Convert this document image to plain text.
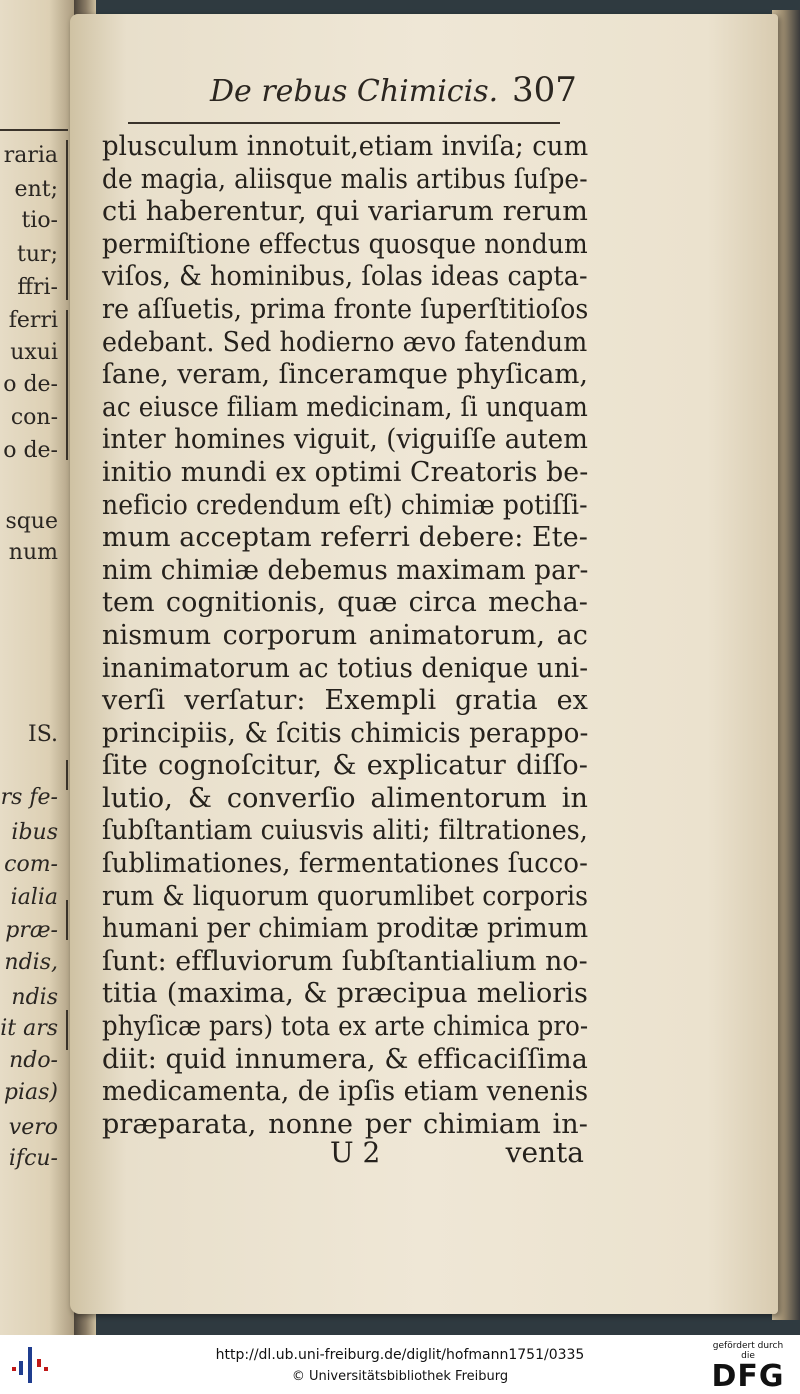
raria
ent;
tio-
tur;
ffri-
ferri
uxui
o de-
con-
o de-
sque
num
IS.
rs fe-
ibus
com-
ialia
præ-
ndis,
ndis
it ars
ndo-
pias)
vero
ifcu-
De rebus Chimicis. 307
plusculum innotuit,etiam inviſa; cum
de magia, aliisque malis artibus ſuſpe-
cti haberentur, qui variarum rerum
permiſtione effectus quosque nondum
viſos, & hominibus, ſolas ideas capta-
re aſſuetis, prima fronte ſuperſtitioſos
edebant. Sed hodierno ævo fatendum
ſane, veram, ſinceramque phyſicam,
ac eiusce filiam medicinam, ſi unquam
inter homines viguit, (viguiſſe autem
initio mundi ex optimi Creatoris be-
neficio credendum eſt) chimiæ potiſſi-
mum acceptam referri debere: Ete-
nim chimiæ debemus maximam par-
tem cognitionis, quæ circa mecha-
nismum corporum animatorum, ac
inanimatorum ac totius denique uni-
verſi verſatur: Exempli gratia ex
principiis, & ſcitis chimicis perappo-
ſite cognoſcitur, & explicatur diſſo-
lutio, & converſio alimentorum in
ſubſtantiam cuiusvis aliti; filtrationes,
ſublimationes, fermentationes ſucco-
rum & liquorum quorumlibet corporis
humani per chimiam proditæ primum
ſunt: effluviorum ſubſtantialium no-
titia (maxima, & præcipua melioris
phyſicæ pars) tota ex arte chimica pro-
diit: quid innumera, & efficaciſſima
medicamenta, de ipſis etiam venenis
præparata, nonne per chimiam in-
U 2	venta
http://dl.ub.uni-freiburg.de/diglit/hofmann1751/0335
© Universitätsbibliothek Freiburg
gefördert durch die
DFG
